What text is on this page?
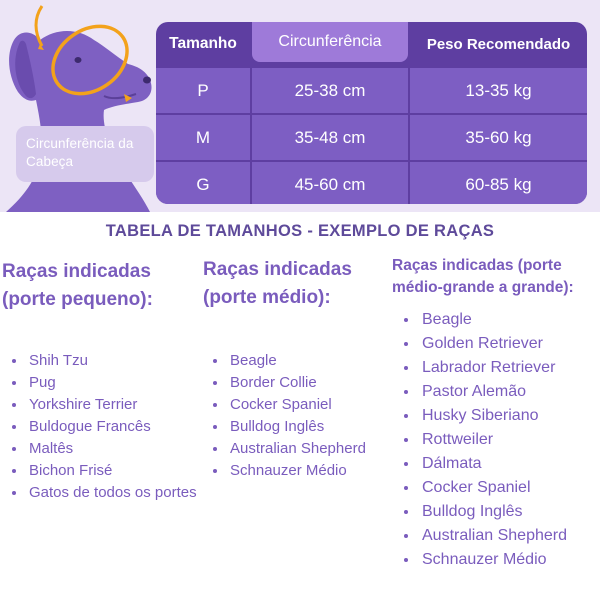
Circunferência da Cabeça
Tamanho	Circunferência	Peso Recomendado
P	25-38 cm	13-35 kg
M	35-48 cm	35-60 kg
G	45-60 cm	60-85 kg
TABELA DE TAMANHOS - EXEMPLO DE RAÇAS
Raças indicadas
(porte pequeno):
Shih Tzu
Pug
Yorkshire Terrier
Buldogue Francês
Maltês
Bichon Frisé
Gatos de todos os portes
Raças indicadas
(porte médio):
Beagle
Border Collie
Cocker Spaniel
Bulldog Inglês
Australian Shepherd
Schnauzer Médio
Raças indicadas (porte
médio-grande a grande):
Beagle
Golden Retriever
Labrador Retriever
Pastor Alemão
Husky Siberiano
Rottweiler
Dálmata
Cocker Spaniel
Bulldog Inglês
Australian Shepherd
Schnauzer Médio
